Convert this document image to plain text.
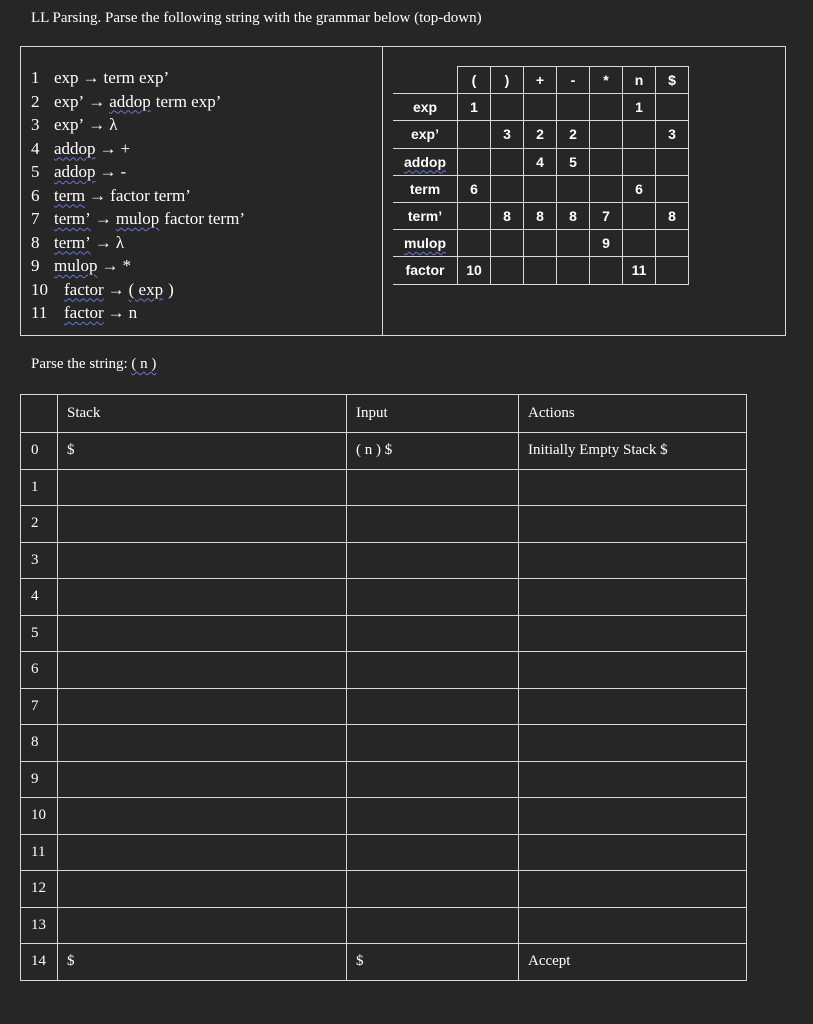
LL Parsing. Parse the following string with the grammar below (top-down)
1 exp → term exp’
2 exp’ → addop term exp’
3 exp’ → λ
4 addop → +
5 addop → -
6 term → factor term’
7 term’ → mulop factor term’
8 term’ → λ
9 mulop → *
10 factor → ( exp )
11 factor → n
	(	)	+	-	*	n	$
exp	1					1	
exp’		3	2	2			3
addop			4	5			
term	6					6	
term’		8	8	8	7		8
mulop					9		
factor	10					11	
Parse the string: ( n )
	Stack	Input	Actions
0	$	( n ) $	Initially Empty Stack $
1			
2			
3			
4			
5			
6			
7			
8			
9			
10			
11			
12			
13			
14	$	$	Accept
